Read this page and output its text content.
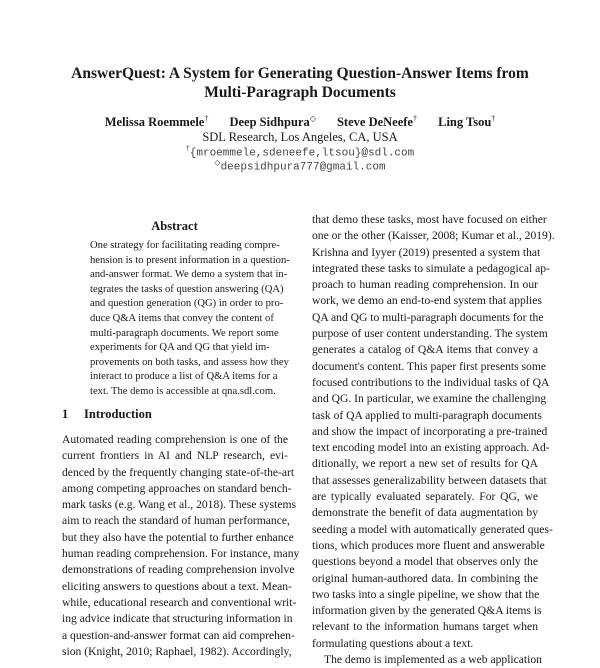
AnswerQuest: A System for Generating Question-Answer Items from
Multi-Paragraph Documents
Melissa Roemmele† Deep Sidhpura◇ Steve DeNeefe† Ling Tsou†
SDL Research, Los Angeles, CA, USA
†{mroemmele,sdeneefe,ltsou}@sdl.com
◇deepsidhpura777@gmail.com
Abstract
One strategy for facilitating reading compre-
hension is to present information in a question-
and-answer format. We demo a system that in-
tegrates the tasks of question answering (QA)
and question generation (QG) in order to pro-
duce Q&A items that convey the content of
multi-paragraph documents. We report some
experiments for QA and QG that yield im-
provements on both tasks, and assess how they
interact to produce a list of Q&A items for a
text. The demo is accessible at qna.sdl.com.
1 Introduction
Automated reading comprehension is one of the
current frontiers in AI and NLP research, evi-
denced by the frequently changing state-of-the-art
among competing approaches on standard bench-
mark tasks (e.g. Wang et al., 2018). These systems
aim to reach the standard of human performance,
but they also have the potential to further enhance
human reading comprehension. For instance, many
demonstrations of reading comprehension involve
eliciting answers to questions about a text. Mean-
while, educational research and conventional writ-
ing advice indicate that structuring information in
a question-and-answer format can aid comprehen-
sion (Knight, 2010; Raphael, 1982). Accordingly,
that demo these tasks, most have focused on either
one or the other (Kaisser, 2008; Kumar et al., 2019).
Krishna and Iyyer (2019) presented a system that
integrated these tasks to simulate a pedagogical ap-
proach to human reading comprehension. In our
work, we demo an end-to-end system that applies
QA and QG to multi-paragraph documents for the
purpose of user content understanding. The system
generates a catalog of Q&A items that convey a
document's content. This paper first presents some
focused contributions to the individual tasks of QA
and QG. In particular, we examine the challenging
task of QA applied to multi-paragraph documents
and show the impact of incorporating a pre-trained
text encoding model into an existing approach. Ad-
ditionally, we report a new set of results for QA
that assesses generalizability between datasets that
are typically evaluated separately. For QG, we
demonstrate the benefit of data augmentation by
seeding a model with automatically generated ques-
tions, which produces more fluent and answerable
questions beyond a model that observes only the
original human-authored data. In combining the
two tasks into a single pipeline, we show that the
information given by the generated Q&A items is
relevant to the information humans target when
formulating questions about a text.
The demo is implemented as a web application
